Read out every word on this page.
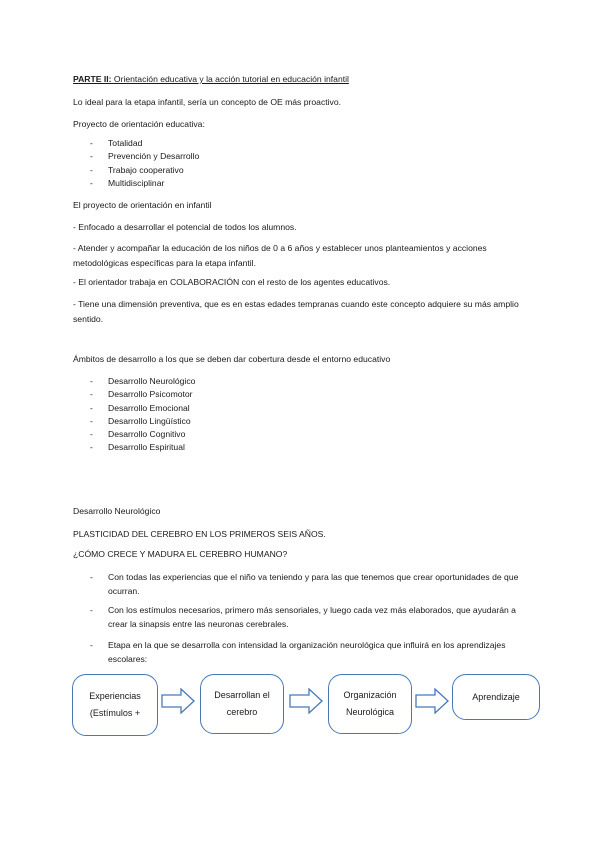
PARTE II: Orientación educativa y la acción tutorial en educación infantil
Lo ideal para la etapa infantil, sería un concepto de OE más proactivo.
Proyecto de orientación educativa:
- Totalidad
- Prevención y Desarrollo
- Trabajo cooperativo
- Multidisciplinar
El proyecto de orientación en infantil
- Enfocado a desarrollar el potencial de todos los alumnos.
- Atender y acompañar la educación de los niños de 0 a 6 años y establecer unos planteamientos y acciones metodológicas específicas para la etapa infantil.
- El orientador trabaja en COLABORACIÓN con el resto de los agentes educativos.
- Tiene una dimensión preventiva, que es en estas edades tempranas cuando este concepto adquiere su más amplio sentido.
Ámbitos de desarrollo a los que se deben dar cobertura desde el entorno educativo
- Desarrollo Neurológico
- Desarrollo Psicomotor
- Desarrollo Emocional
- Desarrollo Lingüístico
- Desarrollo Cognitivo
- Desarrollo Espiritual
Desarrollo Neurológico
PLASTICIDAD DEL CEREBRO EN LOS PRIMEROS SEIS AÑOS.
¿CÓMO CRECE Y MADURA EL CEREBRO HUMANO?
-	Con todas las experiencias que el niño va teniendo y para las que tenemos que crear oportunidades de que ocurran.
-	Con los estímulos necesarios, primero más sensoriales, y luego cada vez más elaborados, que ayudarán a crear la sinapsis entre las neuronas cerebrales.
-	Etapa en la que se desarrolla con intensidad la organización neurológica que influirá en los aprendizajes escolares:
Experiencias
(Estímulos +
Desarrollan el cerebro
Organización Neurológica
Aprendizaje
